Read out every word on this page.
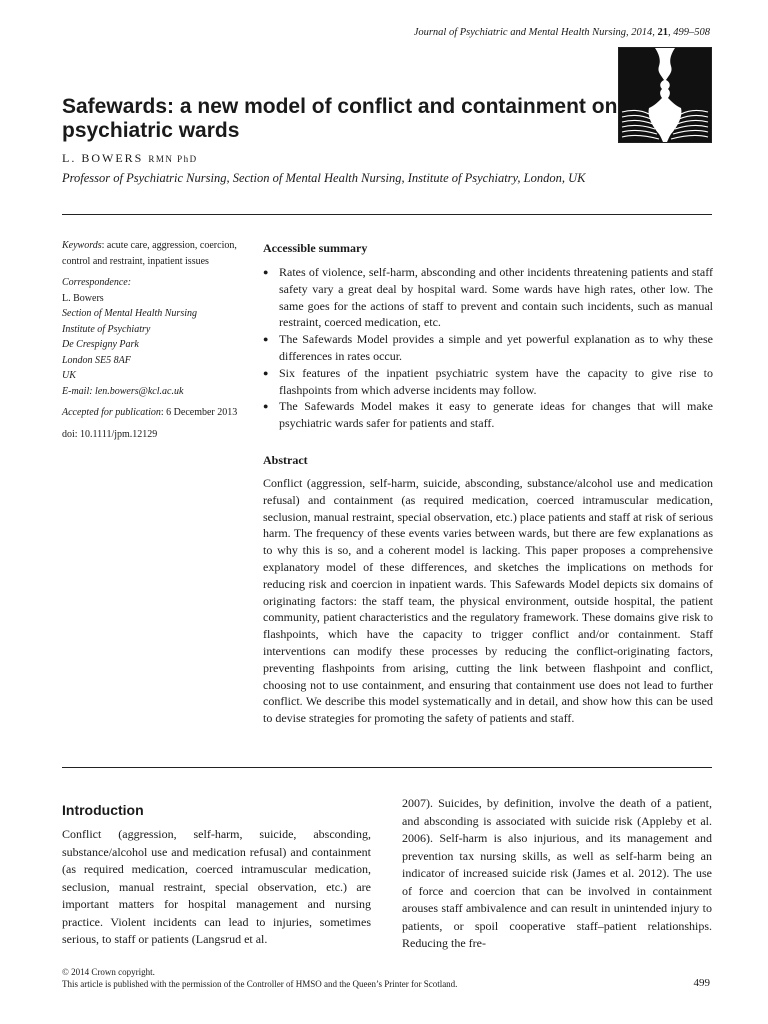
Journal of Psychiatric and Mental Health Nursing, 2014, 21, 499–508
Safewards: a new model of conflict and containment on psychiatric wards
L. BOWERS RMN PhD
Professor of Psychiatric Nursing, Section of Mental Health Nursing, Institute of Psychiatry, London, UK

Keywords: acute care, aggression, coercion, control and restraint, inpatient issues

Correspondence:
L. Bowers
Section of Mental Health Nursing
Institute of Psychiatry
De Crespigny Park
London SE5 8AF
UK
E-mail: len.bowers@kcl.ac.uk

Accepted for publication: 6 December 2013

doi: 10.1111/jpm.12129

Accessible summary
● Rates of violence, self-harm, absconding and other incidents threatening patients and staff safety vary a great deal by hospital ward. Some wards have high rates, other low. The same goes for the actions of staff to prevent and contain such incidents, such as manual restraint, coerced medication, etc.
● The Safewards Model provides a simple and yet powerful explanation as to why these differences in rates occur.
● Six features of the inpatient psychiatric system have the capacity to give rise to flashpoints from which adverse incidents may follow.
● The Safewards Model makes it easy to generate ideas for changes that will make psychiatric wards safer for patients and staff.
Abstract

Conflict (aggression, self-harm, suicide, absconding, substance/alcohol use and medication refusal) and containment (as required medication, coerced intramuscular medication, seclusion, manual restraint, special observation, etc.) place patients and staff at risk of serious harm. The frequency of these events varies between wards, but there are few explanations as to why this is so, and a coherent model is lacking. This paper proposes a comprehensive explanatory model of these differences, and sketches the implications on methods for reducing risk and coercion in inpatient wards. This Safewards Model depicts six domains of originating factors: the staff team, the physical environment, outside hospital, the patient community, patient characteristics and the regulatory framework. These domains give risk to flashpoints, which have the capacity to trigger conflict and/or containment. Staff interventions can modify these processes by reducing the conflict-originating factors, preventing flashpoints from arising, cutting the link between flashpoint and conflict, choosing not to use containment, and ensuring that containment use does not lead to further conflict. We describe this model systematically and in detail, and show how this can be used to devise strategies for promoting the safety of patients and staff.

Introduction

Conflict (aggression, self-harm, suicide, absconding, substance/alcohol use and medication refusal) and containment (as required medication, coerced intramuscular medication, seclusion, manual restraint, special observation, etc.) are important matters for hospital management and nursing practice. Violent incidents can lead to injuries, sometimes serious, to staff or patients (Langsrud et al.

2007). Suicides, by definition, involve the death of a patient, and absconding is associated with suicide risk (Appleby et al. 2006). Self-harm is also injurious, and its management and prevention tax nursing skills, as well as self-harm being an indicator of increased suicide risk (James et al. 2012). The use of force and coercion that can be involved in containment arouses staff ambivalence and can result in unintended injury to patients, or spoil cooperative staff–patient relationships. Reducing the fre-

© 2014 Crown copyright.
This article is published with the permission of the Controller of HMSO and the Queen’s Printer for Scotland.	499
